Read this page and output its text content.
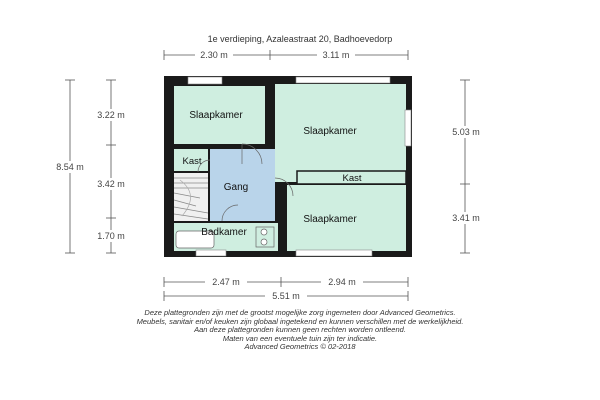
1e verdieping, Azaleastraat 20, Badhoevedorp
2.30 m	3.11 m
8.54 m
3.22 m
3.42 m
1.70 m
5.03 m
3.41 m
2.47 m	2.94 m
5.51 m
Slaapkamer
Slaapkamer
Slaapkamer
Kast
Kast
Gang
Badkamer
Deze plattegronden zijn met de grootst mogelijke zorg ingemeten door Advanced Geometrics.
Meubels, sanitair en/of keuken zijn globaal ingetekend en kunnen verschillen met de werkelijkheid.
Aan deze plattegronden kunnen geen rechten worden ontleend.
Maten van een eventuele tuin zijn ter indicatie.
Advanced Geometrics © 02-2018
